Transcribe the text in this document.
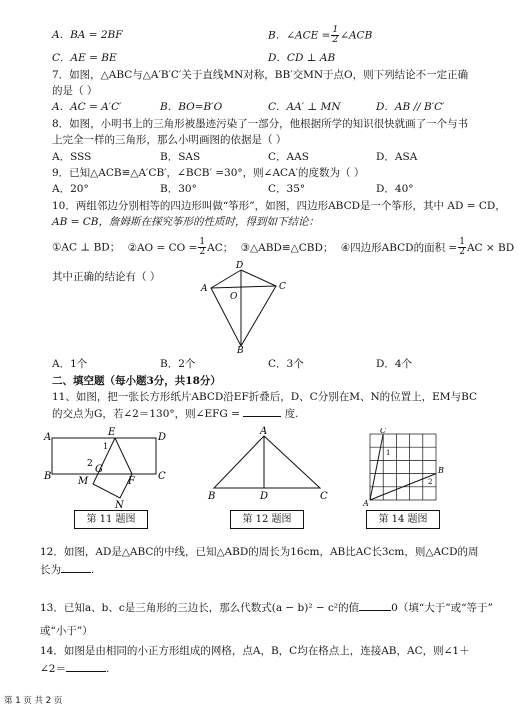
A．BA = 2BF	B．∠ACE = $\frac{1}{2}$ ∠ACB
C．AE = BE	D．CD ⊥ AB
7．如图，△ABC与△A′B′C′关于直线MN对称，BB′交MN于点O，则下列结论不一定正确
的是（ ）
A．AC = A′C′	B．BO=B′O	C．AA′ ⊥ MN	D．AB // B′C′
8．如图，小明书上的三角形被墨迹污染了一部分，他根据所学的知识很快就画了一个与书
上完全一样的三角形，那么小明画图的依据是（ ）
A．SSS	B．SAS	C．AAS	D．ASA
9．已知△ACB≌△A′CB′，∠BCB′ =30°，则∠ACA′的度数为（ ）
A．20°	B．30°	C．35°	D．40°
10．两组邻边分别相等的四边形叫做“筝形”，如图，四边形ABCD是一个筝形，其中 AD = CD，
AB = CB，詹姆斯在探究筝形的性质时，得到如下结论：
①AC ⊥ BD； ②AO = CO = $\frac{1}{2}$ AC； ③△ABD≌△CBD； ④四边形ABCD的面积 = $\frac{1}{2}$ AC × BD
其中正确的结论有（ ）
D
A	C
O
B
A．1个	B．2个	C．3个	D．4个
二、填空题（每小题3分，共18分）
11、如图，把一张长方形纸片ABCD沿EF折叠后，D、C分别在M、N的位置上，EM与BC
的交点为G，若∠2＝130°，则∠EFG =	度.
A	E	D
1
2 G
M
B	F C
N
第 11 题图
A
B	D	C
第 12 题图
C
1
2
B
A
第 14 题图
12．如图，AD是△ABC的中线，已知△ABD的周长为16cm，AB比AC长3cm，则△ACD的周
长为	.
13．已知a、b、c是三角形的三边长，那么代数式(a − b)² − c²的值	0（填“大于”或“等于”
或“小于”）
14．如图是由相同的小正方形组成的网格，点A，B，C均在格点上，连接AB，AC，则∠1＋
∠2＝	.
第 1 页 共 2 页
